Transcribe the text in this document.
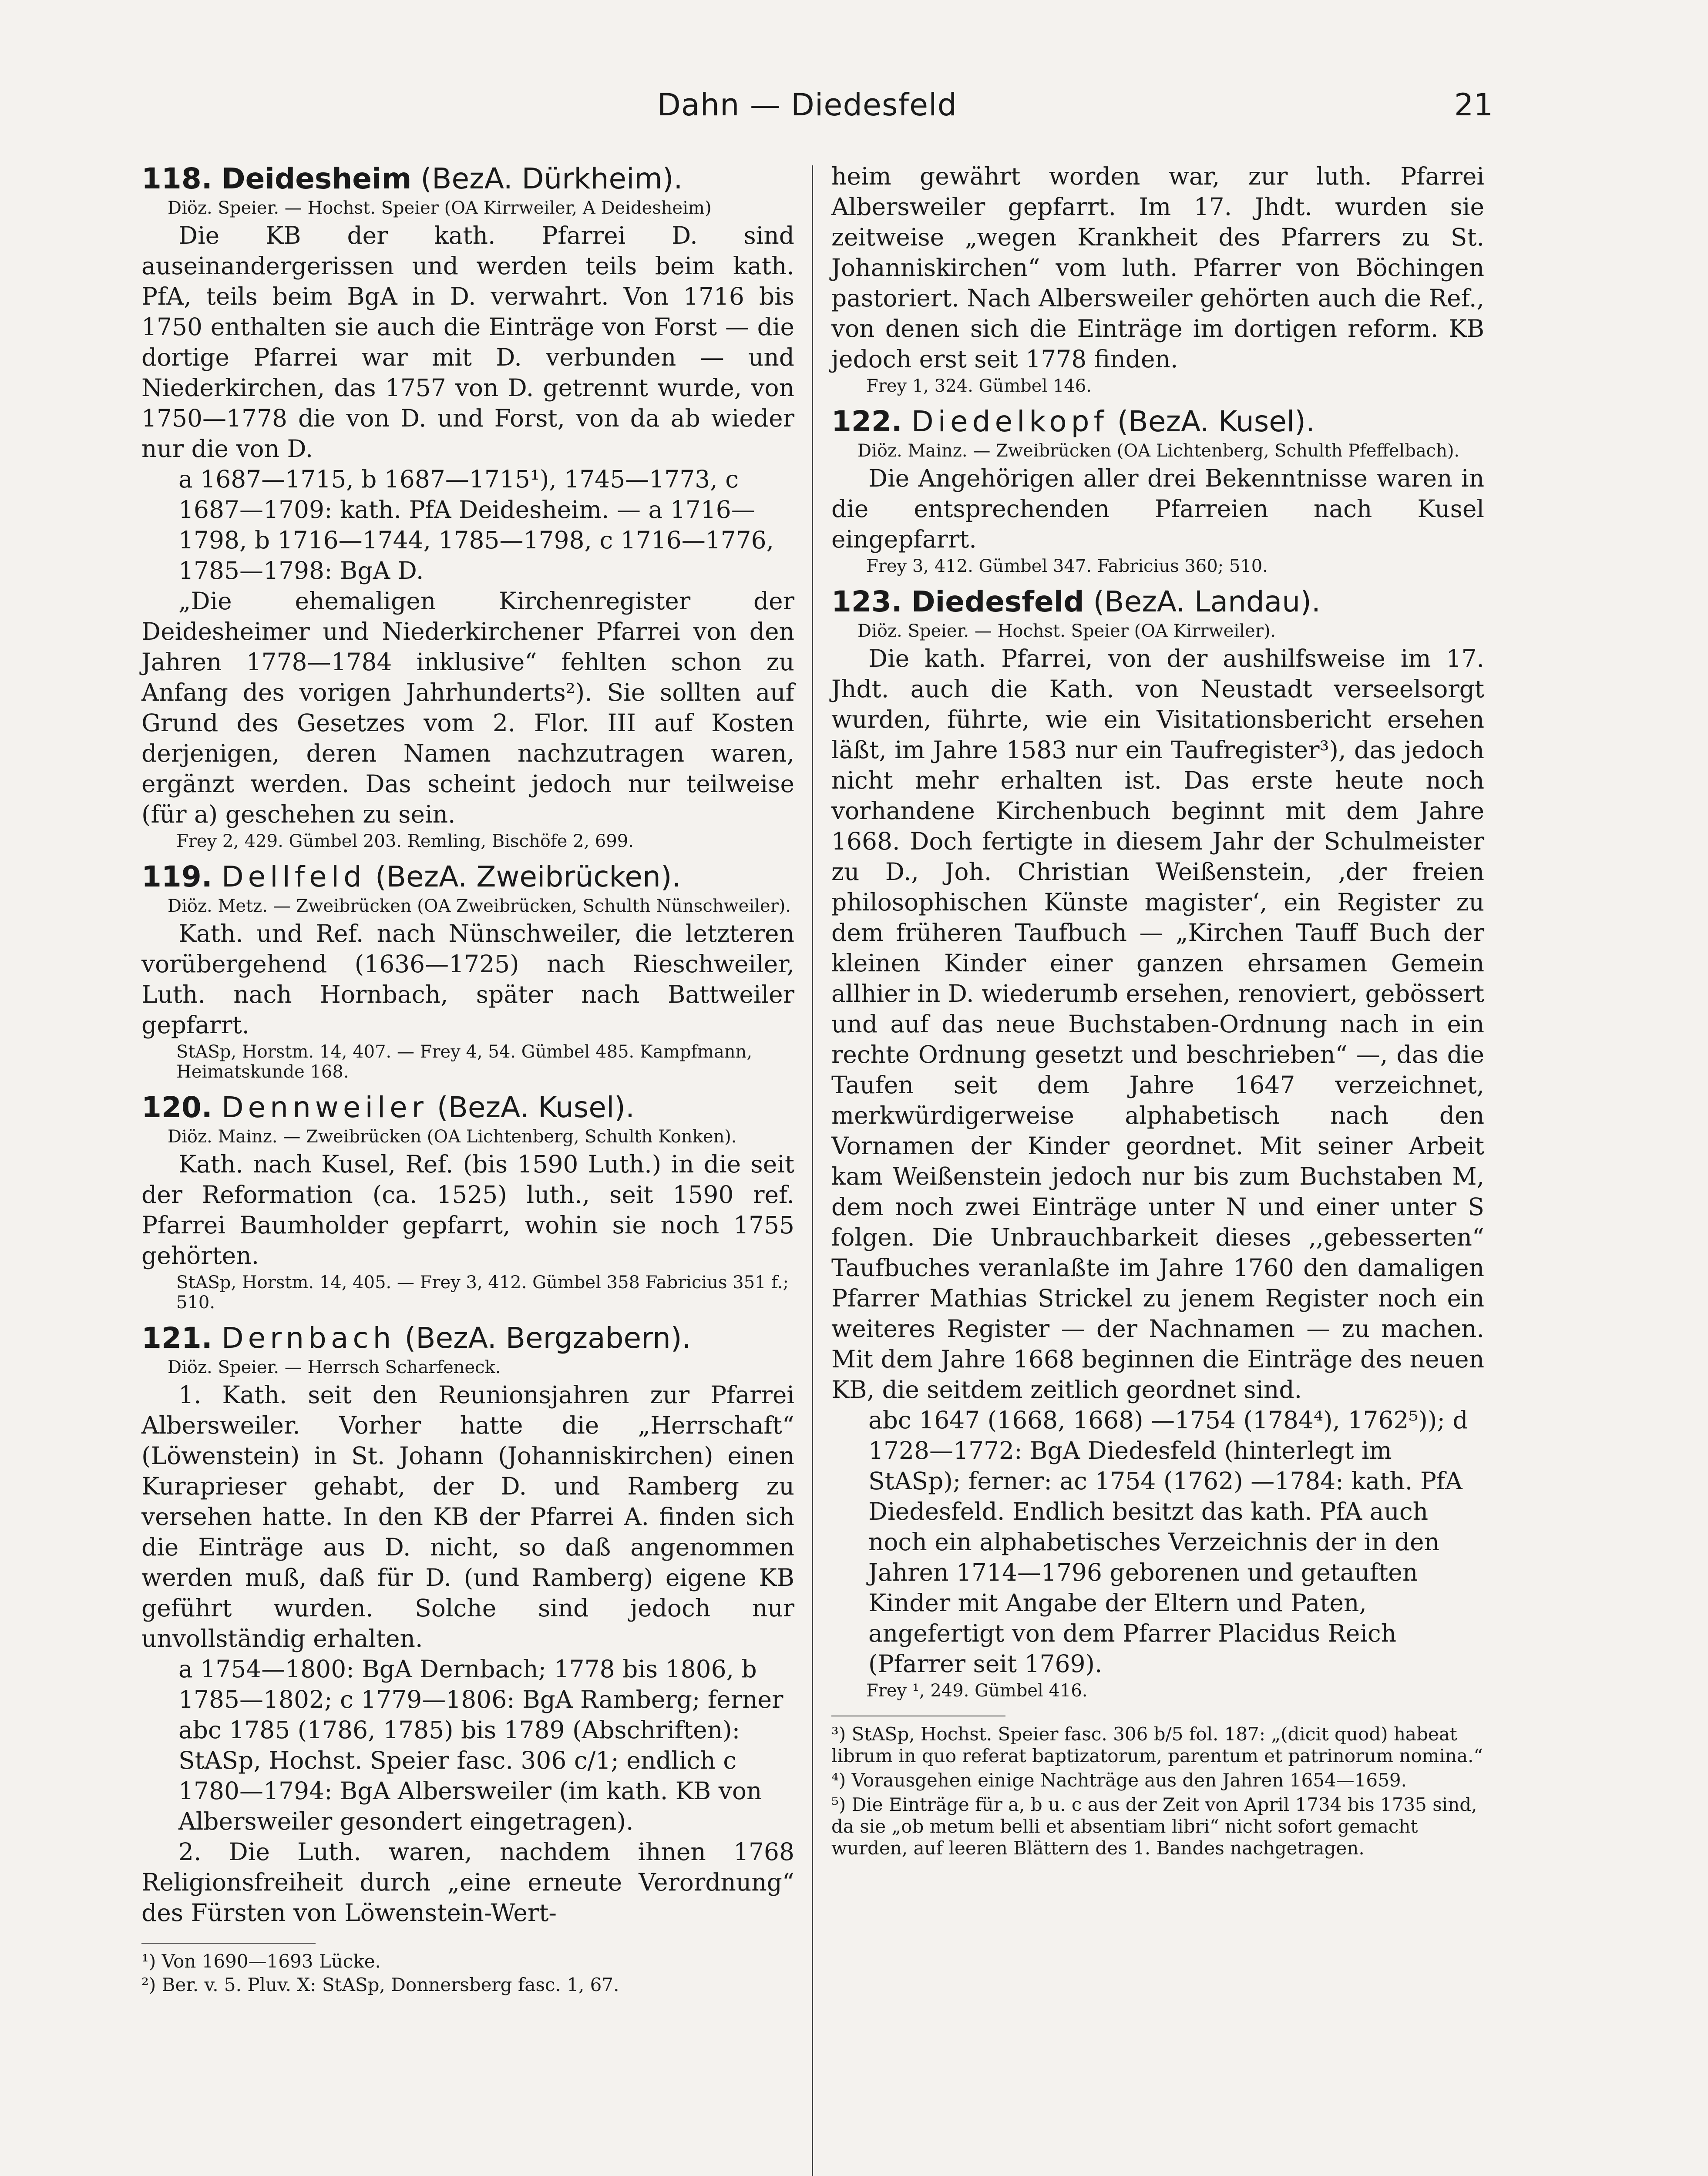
Dahn — Diedesfeld	21
118. Deidesheim (BezA. Dürkheim).

Diöz. Speier. — Hochst. Speier (OA Kirrweiler, A Deidesheim)

Die KB der kath. Pfarrei D. sind auseinandergerissen und werden teils beim kath. PfA, teils beim BgA in D. verwahrt. Von 1716 bis 1750 enthalten sie auch die Einträge von Forst — die dortige Pfarrei war mit D. verbunden — und Niederkirchen, das 1757 von D. getrennt wurde, von 1750—1778 die von D. und Forst, von da ab wieder nur die von D.

a 1687—1715, b 1687—1715¹), 1745—1773, c 1687—1709: kath. PfA Deidesheim. — a 1716—1798, b 1716—1744, 1785—1798, c 1716—1776, 1785—1798: BgA D.

„Die ehemaligen Kirchenregister der Deidesheimer und Niederkirchener Pfarrei von den Jahren 1778—1784 inklusive“ fehlten schon zu Anfang des vorigen Jahrhunderts²). Sie sollten auf Grund des Gesetzes vom 2. Flor. III auf Kosten derjenigen, deren Namen nachzutragen waren, ergänzt werden. Das scheint jedoch nur teilweise (für a) geschehen zu sein.

Frey 2, 429. Gümbel 203. Remling, Bischöfe 2, 699.

119. Dellfeld (BezA. Zweibrücken).

Diöz. Metz. — Zweibrücken (OA Zweibrücken, Schulth Nünschweiler).

Kath. und Ref. nach Nünschweiler, die letzteren vorübergehend (1636—1725) nach Rieschweiler, Luth. nach Hornbach, später nach Battweiler gepfarrt.

StASp, Horstm. 14, 407. — Frey 4, 54. Gümbel 485. Kampfmann, Heimatskunde 168.

120. Dennweiler (BezA. Kusel).

Diöz. Mainz. — Zweibrücken (OA Lichtenberg, Schulth Konken).

Kath. nach Kusel, Ref. (bis 1590 Luth.) in die seit der Reformation (ca. 1525) luth., seit 1590 ref. Pfarrei Baumholder gepfarrt, wohin sie noch 1755 gehörten.

StASp, Horstm. 14, 405. — Frey 3, 412. Gümbel 358 Fabricius 351 f.; 510.

121. Dernbach (BezA. Bergzabern).

Diöz. Speier. — Herrsch Scharfeneck.

1. Kath. seit den Reunionsjahren zur Pfarrei Albersweiler. Vorher hatte die „Herrschaft“ (Löwenstein) in St. Johann (Johanniskirchen) einen Kuraprieser gehabt, der D. und Ramberg zu versehen hatte. In den KB der Pfarrei A. finden sich die Einträge aus D. nicht, so daß angenommen werden muß, daß für D. (und Ramberg) eigene KB geführt wurden. Solche sind jedoch nur unvollständig erhalten.

a 1754—1800: BgA Dernbach; 1778 bis 1806, b 1785—1802; c 1779—1806: BgA Ramberg; ferner abc 1785 (1786, 1785) bis 1789 (Abschriften): StASp, Hochst. Speier fasc. 306 c/1; endlich c 1780—1794: BgA Albersweiler (im kath. KB von Albersweiler gesondert eingetragen).

2. Die Luth. waren, nachdem ihnen 1768 Religionsfreiheit durch „eine erneute Verordnung“ des Fürsten von Löwenstein-Wert-

¹) Von 1690—1693 Lücke.

²) Ber. v. 5. Pluv. X: StASp, Donnersberg fasc. 1, 67.

heim gewährt worden war, zur luth. Pfarrei Albersweiler gepfarrt. Im 17. Jhdt. wurden sie zeitweise „wegen Krankheit des Pfarrers zu St. Johanniskirchen“ vom luth. Pfarrer von Böchingen pastoriert. Nach Albersweiler gehörten auch die Ref., von denen sich die Einträge im dortigen reform. KB jedoch erst seit 1778 finden.

Frey 1, 324. Gümbel 146.

122. Diedelkopf (BezA. Kusel).

Diöz. Mainz. — Zweibrücken (OA Lichtenberg, Schulth Pfeffelbach).

Die Angehörigen aller drei Bekenntnisse waren in die entsprechenden Pfarreien nach Kusel eingepfarrt.

Frey 3, 412. Gümbel 347. Fabricius 360; 510.

123. Diedesfeld (BezA. Landau).

Diöz. Speier. — Hochst. Speier (OA Kirrweiler).

Die kath. Pfarrei, von der aushilfsweise im 17. Jhdt. auch die Kath. von Neustadt verseelsorgt wurden, führte, wie ein Visitationsbericht ersehen läßt, im Jahre 1583 nur ein Taufregister³), das jedoch nicht mehr erhalten ist. Das erste heute noch vorhandene Kirchenbuch beginnt mit dem Jahre 1668. Doch fertigte in diesem Jahr der Schulmeister zu D., Joh. Christian Weißenstein, ‚der freien philosophischen Künste magister‘, ein Register zu dem früheren Taufbuch — „Kirchen Tauff Buch der kleinen Kinder einer ganzen ehrsamen Gemein allhier in D. wiederumb ersehen, renoviert, gebössert und auf das neue Buchstaben-Ordnung nach in ein rechte Ordnung gesetzt und beschrieben“ —, das die Taufen seit dem Jahre 1647 verzeichnet, merkwürdigerweise alphabetisch nach den Vornamen der Kinder geordnet. Mit seiner Arbeit kam Weißenstein jedoch nur bis zum Buchstaben M, dem noch zwei Einträge unter N und einer unter S folgen. Die Unbrauchbarkeit dieses ‚,gebesserten“ Taufbuches veranlaßte im Jahre 1760 den damaligen Pfarrer Mathias Strickel zu jenem Register noch ein weiteres Register — der Nachnamen — zu machen. Mit dem Jahre 1668 beginnen die Einträge des neuen KB, die seitdem zeitlich geordnet sind.

abc 1647 (1668, 1668) —1754 (1784⁴), 1762⁵)); d 1728—1772: BgA Diedesfeld (hinterlegt im StASp); ferner: ac 1754 (1762) —1784: kath. PfA Diedesfeld. Endlich besitzt das kath. PfA auch noch ein alphabetisches Verzeichnis der in den Jahren 1714—1796 geborenen und getauften Kinder mit Angabe der Eltern und Paten, angefertigt von dem Pfarrer Placidus Reich (Pfarrer seit 1769).

Frey ¹, 249. Gümbel 416.

³) StASp, Hochst. Speier fasc. 306 b/5 fol. 187: „(dicit quod) habeat librum in quo referat baptizatorum, parentum et patrinorum nomina.“

⁴) Vorausgehen einige Nachträge aus den Jahren 1654—1659.

⁵) Die Einträge für a, b u. c aus der Zeit von April 1734 bis 1735 sind, da sie „ob metum belli et absentiam libri“ nicht sofort gemacht wurden, auf leeren Blättern des 1. Bandes nachgetragen.
